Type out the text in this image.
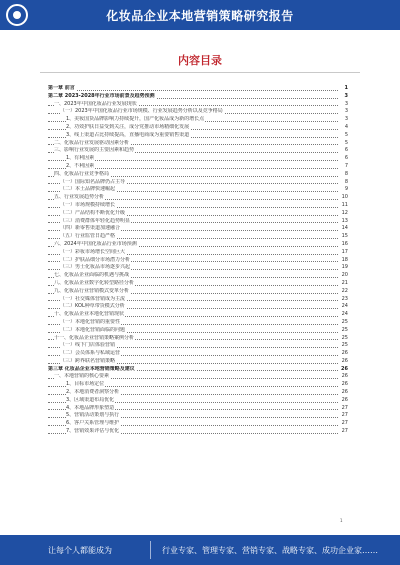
化妆品企业本地营销策略研究报告
内容目录
第一章 前言	1
第二章 2023-2028年行业市场前景及趋势预测	3
一、2023年中国化妆品行业发展现状	3
（一）2023年中国化妆品行业市场规模、行业发展趋势分析以及竞争格局	3
1、美妆国货品牌影响力持续提升，国产化妆品成为新的增长点	3
2、功效护肤日益受到关注，成分党推动市场精细化发展	4
3、线上渠道占比持续提高，直播电商成为重要销售渠道	5
二、化妆品行业发展驱动因素分析	5
三、影响行业发展的主要因素和趋势	6
1、有利因素	6
2、不利因素	7
四、化妆品行业竞争格局	8
（一）国际知名品牌仍占主导	8
（二）本土品牌快速崛起	9
五、行业发展趋势分析	10
（一）市场规模持续增长	11
（二）产品结构不断优化升级	12
（三）消费群体年轻化趋势明显	13
（四）新零售渠道加速融合	14
（五）行业监管日趋严格	15
六、2024年中国化妆品行业市场预测	16
（一）彩妆市场增长空间巨大	17
（二）护肤品细分市场潜力分析	18
（三）男士化妆品市场逐步兴起	19
七、化妆品企业面临的机遇与挑战	20
八、化妆品企业数字化转型路径分析	21
九、化妆品行业营销模式变革分析	22
（一）社交媒体营销成为主流	23
（二）KOL种草带货模式分析	24
十、化妆品企业本地化营销现状	24
（一）本地化营销的重要性	25
（二）本地化营销面临的问题	25
十一、化妆品企业营销策略案例分析	25
（一）线下门店体验营销	25
（二）会员体系与私域运营	26
（三）跨界联名营销策略	26
第三章 化妆品企业本地营销策略及建议	26
一、本地营销的核心要素	26
1、目标市场定位	26
2、本地消费者洞察分析	26
3、区域渠道布局优化	26
4、本地品牌形象塑造	27
5、营销活动策划与执行	27
6、客户关系管理与维护	27
7、营销效果评估与优化	27
1
让每个人都能成为	行业专家、管理专家、营销专家、战略专家、成功企业家……
